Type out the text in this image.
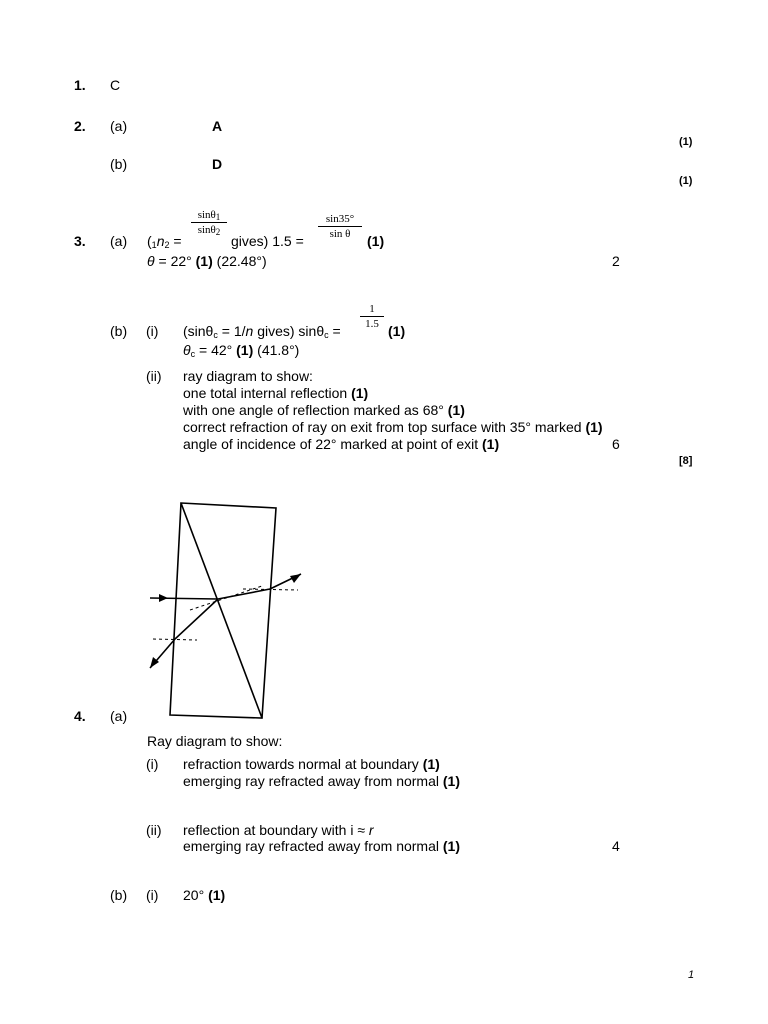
1. C
2. (a)	A
(1)
(b)	D
(1)
3. (a) ($_1n_2$ =
sinθ$_1$
sinθ$_2$
gives) 1.5 =
sin35°
sin θ	(1)
θ = 22° (1) (22.48°)	2
(b) (i) (sinθ$_c$ = 1/n gives) sinθ$_c$ =
1
1.5 (1)
$\theta_c = 42^\circ$ (1) (41.8°)
(ii) ray diagram to show:
one total internal reflection (1)
with one angle of reflection marked as 68° (1)
correct refraction of ray on exit from top surface with 35° marked (1)
angle of incidence of 22° marked at point of exit (1)	6
[8]
4. (a)
Ray diagram to show:
(i) refraction towards normal at boundary (1)
emerging ray refracted away from normal (1)
(ii) reflection at boundary with i ≈ r
emerging ray refracted away from normal (1)	4
(b) (i) 20° (1)
1
